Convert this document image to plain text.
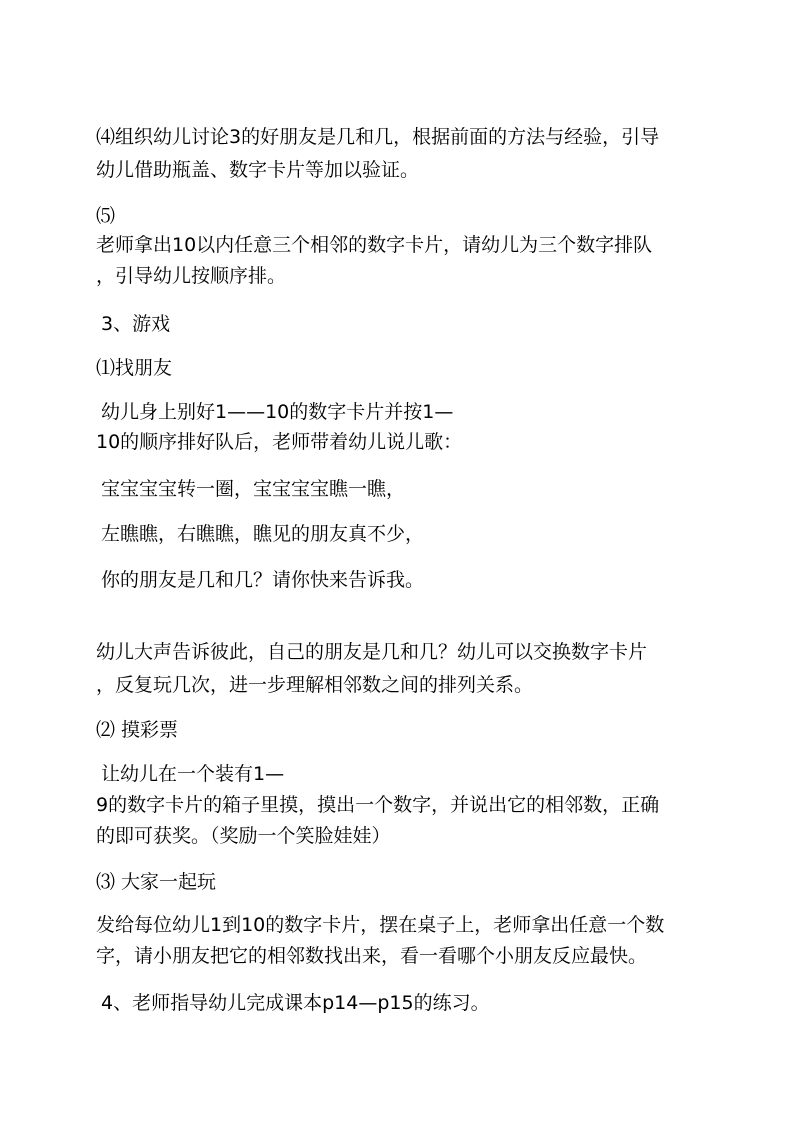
⑷组织幼儿讨论3的好朋友是几和几，根据前面的方法与经验，引导
幼儿借助瓶盖、数字卡片等加以验证。
⑸
老师拿出10以内任意三个相邻的数字卡片，请幼儿为三个数字排队
，引导幼儿按顺序排。
3、游戏
⑴找朋友
幼儿身上别好1——10的数字卡片并按1—
10的顺序排好队后，老师带着幼儿说儿歌：
宝宝宝宝转一圈，宝宝宝宝瞧一瞧，
左瞧瞧，右瞧瞧，瞧见的朋友真不少，
你的朋友是几和几？请你快来告诉我。
幼儿大声告诉彼此，自己的朋友是几和几？幼儿可以交换数字卡片
，反复玩几次，进一步理解相邻数之间的排列关系。
⑵ 摸彩票
让幼儿在一个装有1—
9的数字卡片的箱子里摸，摸出一个数字，并说出它的相邻数，正确
的即可获奖。（奖励一个笑脸娃娃）
⑶ 大家一起玩
发给每位幼儿1到10的数字卡片，摆在桌子上，老师拿出任意一个数
字，请小朋友把它的相邻数找出来，看一看哪个小朋友反应最快。
4、老师指导幼儿完成课本p14—p15的练习。
